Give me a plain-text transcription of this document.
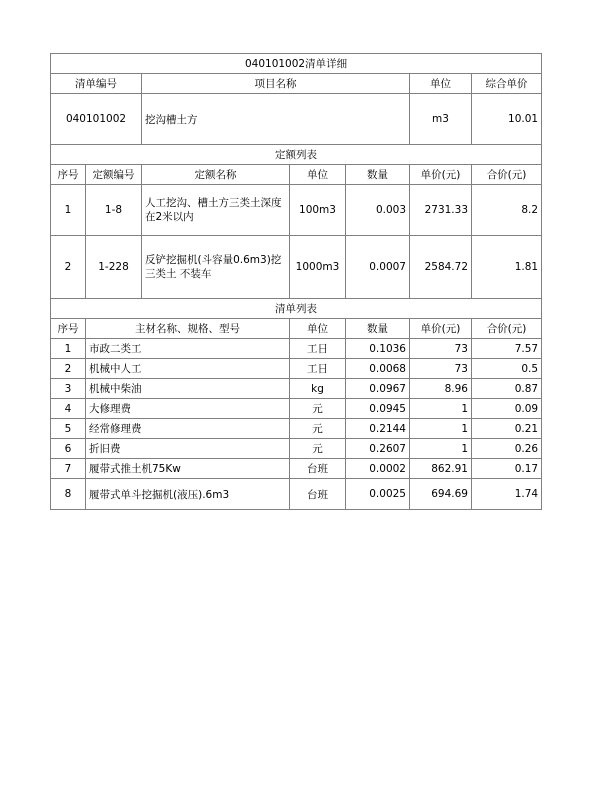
040101002清单详细						
清单编号		项目名称			单位	综合单价
040101002		挖沟槽土方			m3	10.01
定额列表						
序号	定额编号	定额名称	单位	数量	单价(元)	合价(元)
1	1-8	人工挖沟、槽土方三类土深度在2米以内	100m3	0.003	2731.33	8.2
2	1-228	反铲挖掘机(斗容量0.6m3)挖三类土 不装车	1000m3	0.0007	2584.72	1.81
清单列表						
序号	主材名称、规格、型号		单位	数量	单价(元)	合价(元)
1	市政二类工		工日	0.1036	73	7.57
2	机械中人工		工日	0.0068	73	0.5
3	机械中柴油		kg	0.0967	8.96	0.87
4	大修理费		元	0.0945	1	0.09
5	经常修理费		元	0.2144	1	0.21
6	折旧费		元	0.2607	1	0.26
7	履带式推土机75Kw		台班	0.0002	862.91	0.17
8	履带式单斗挖掘机(液压).6m3		台班	0.0025	694.69	1.74
